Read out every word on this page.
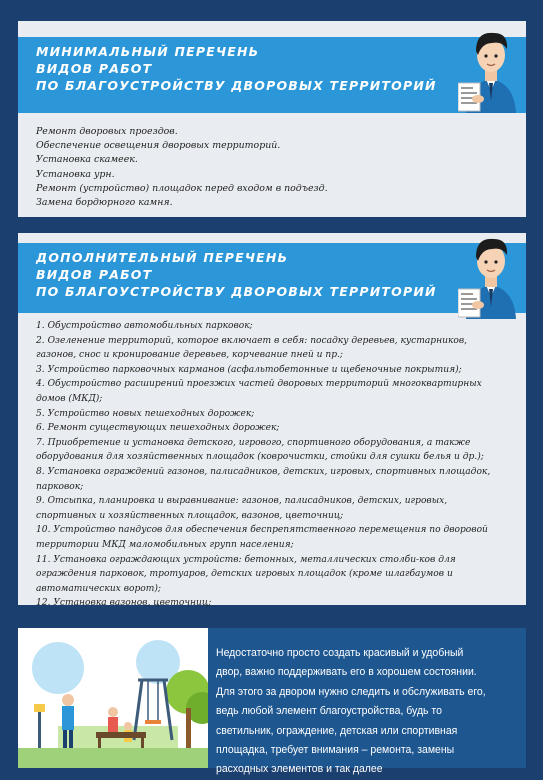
МИНИМАЛЬНЫЙ ПЕРЕЧЕНЬ
ВИДОВ РАБОТ
ПО БЛАГОУСТРОЙСТВУ ДВОРОВЫХ ТЕРРИТОРИЙ
Ремонт дворовых проездов.
Обеспечение освещения дворовых территорий.
Установка скамеек.
Установка урн.
Ремонт (устройство) площадок перед входом в подъезд.
Замена бордюрного камня.
ДОПОЛНИТЕЛЬНЫЙ ПЕРЕЧЕНЬ
ВИДОВ РАБОТ
ПО БЛАГОУСТРОЙСТВУ ДВОРОВЫХ ТЕРРИТОРИЙ
1. Обустройство автомобильных парковок;
2. Озеленение территорий, которое включает в себя: посадку деревьев, кустарников, газонов, снос и кронирование деревьев, корчевание пней и пр.;
3. Устройство парковочных карманов (асфальтобетонные и щебеночные покрытия);
4. Обустройство расширений проезжих частей дворовых территорий многоквартирных домов (МКД);
5. Устройство новых пешеходных дорожек;
6. Ремонт существующих пешеходных дорожек;
7. Приобретение и установка детского, игрового, спортивного оборудования, а также оборудования для хозяйственных площадок (коврочистки, стойки для сушки белья и др.);
8. Установка ограждений газонов, палисадников, детских, игровых, спортивных площадок, парковок;
9. Отсыпка, планировка и выравнивание: газонов, палисадников, детских, игровых, спортивных и хозяйственных площадок, вазонов, цветочниц;
10. Устройство пандусов для обеспечения беспрепятственного перемещения по дворовой территории МКД маломобильных групп населения;
11. Установка ограждающих устройств: бетонных, металлических столби-ков для ограждения парковок, тротуаров, детских игровых площадок (кроме шлагбаумов и автоматических ворот);
12. Установка вазонов, цветочниц;
Недостаточно просто создать красивый и удобный двор, важно поддерживать его в хорошем состоянии. Для этого за двором нужно следить и обслуживать его, ведь любой элемент благоустройства, будь то светильник, ограждение, детская или спортивная площадка, требует внимания – ремонта, замены расходных элементов и так далее
